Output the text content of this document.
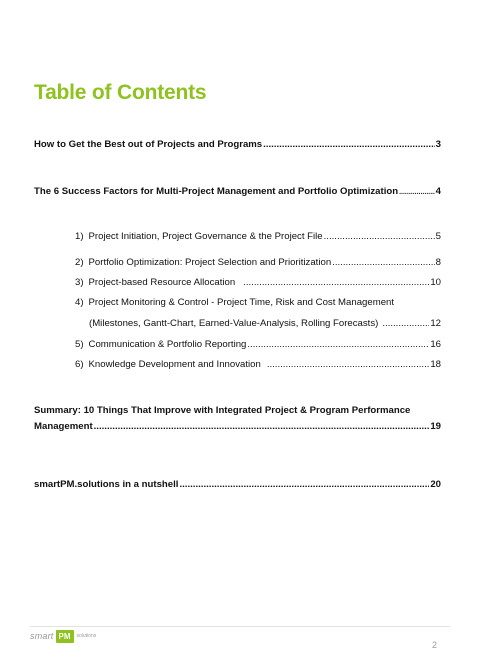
Table of Contents
How to Get the Best out of Projects and Programs .....	3
The 6 Success Factors for Multi-Project Management and Portfolio Optimization .....	4
1) Project Initiation, Project Governance & the Project File .....	5
2) Portfolio Optimization: Project Selection and Prioritization .....	8
3) Project-based Resource Allocation .....	10
4) Project Monitoring & Control - Project Time, Risk and Cost Management
(Milestones, Gantt-Chart, Earned-Value-Analysis, Rolling Forecasts) .....	12
5) Communication & Portfolio Reporting .....	16
6) Knowledge Development and Innovation .....	18
Summary: 10 Things That Improve with Integrated Project & Program Performance
Management .....	19
smartPM.solutions in a nutshell .....	20
smart PM	solutions
2
